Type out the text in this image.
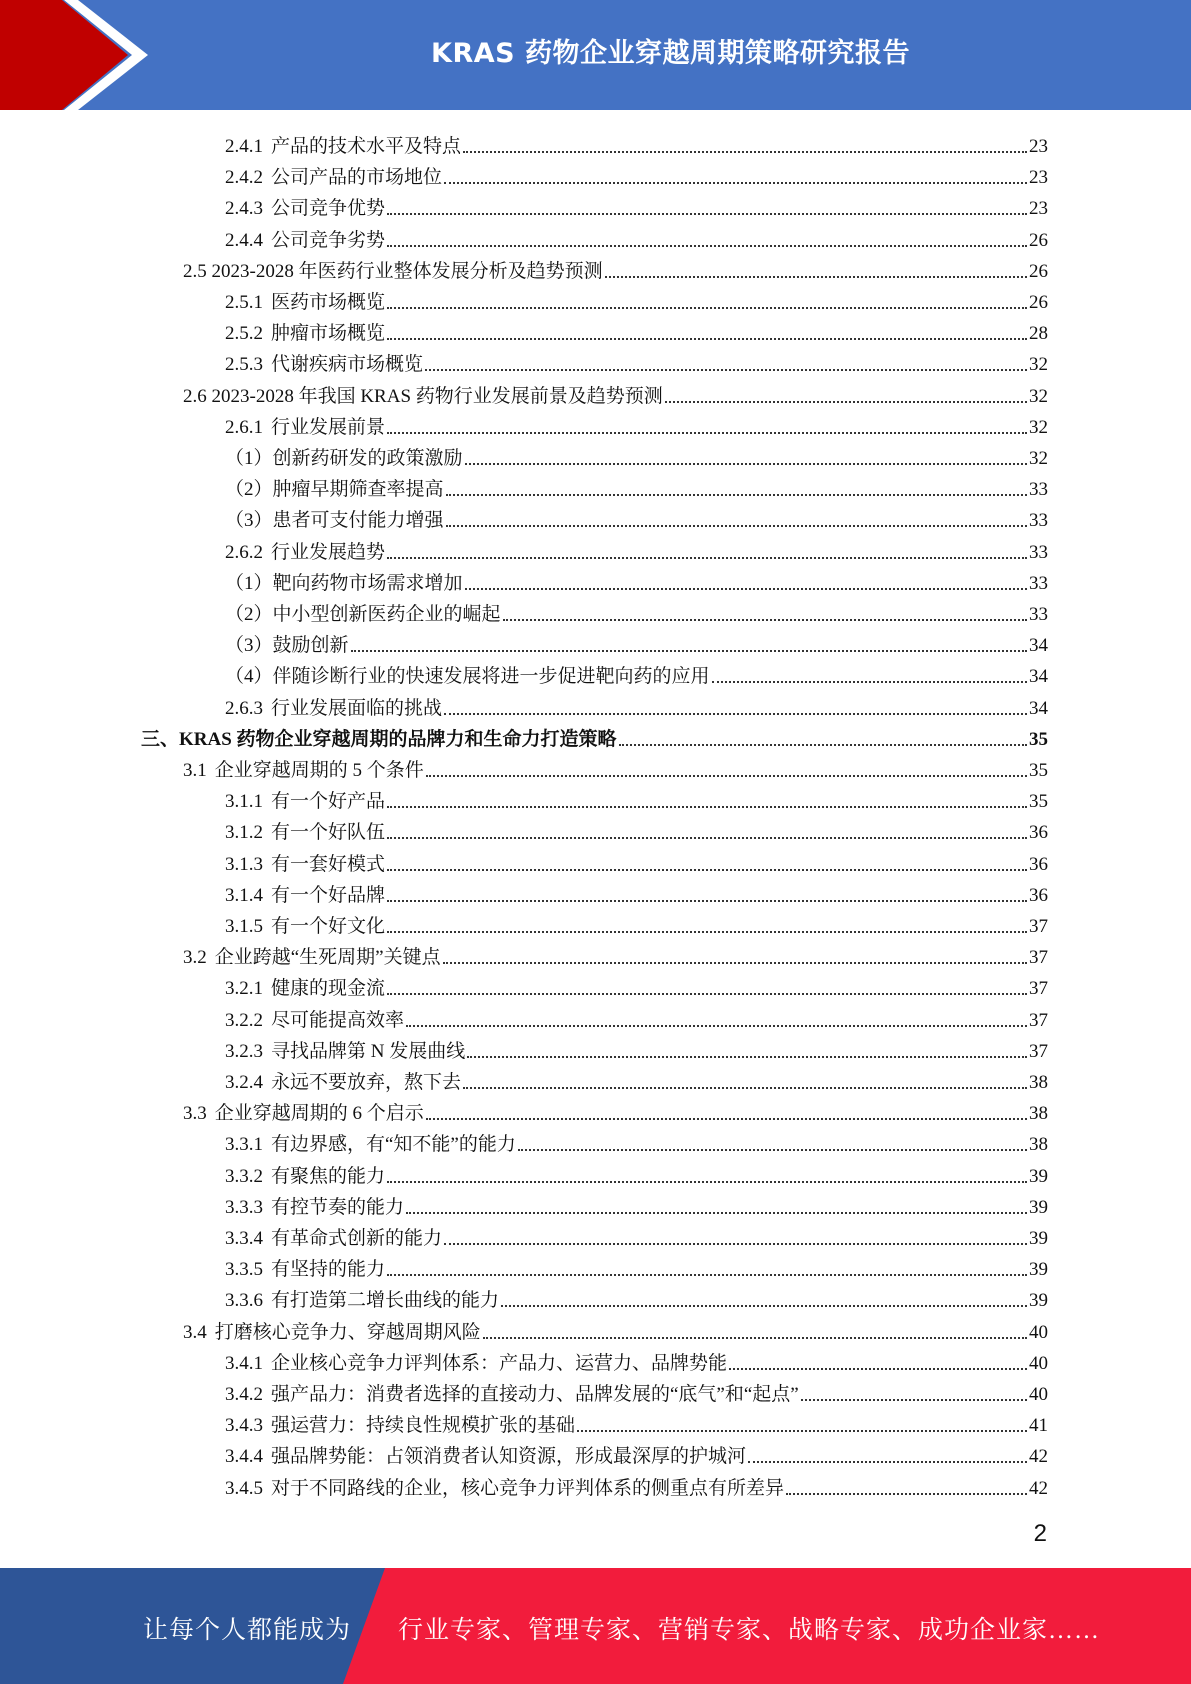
KRAS 药物企业穿越周期策略研究报告
2.4.1 产品的技术水平及特点	23
2.4.2 公司产品的市场地位	23
2.4.3 公司竞争优势	23
2.4.4 公司竞争劣势	26
2.5 2023-2028 年医药行业整体发展分析及趋势预测	26
2.5.1 医药市场概览	26
2.5.2 肿瘤市场概览	28
2.5.3 代谢疾病市场概览	32
2.6 2023-2028 年我国 KRAS 药物行业发展前景及趋势预测	32
2.6.1 行业发展前景	32
（1）创新药研发的政策激励	32
（2）肿瘤早期筛查率提高	33
（3）患者可支付能力增强	33
2.6.2 行业发展趋势	33
（1）靶向药物市场需求增加	33
（2）中小型创新医药企业的崛起	33
（3）鼓励创新	34
（4）伴随诊断行业的快速发展将进一步促进靶向药的应用	34
2.6.3 行业发展面临的挑战	34
三、KRAS 药物企业穿越周期的品牌力和生命力打造策略	35
3.1 企业穿越周期的 5 个条件	35
3.1.1 有一个好产品	35
3.1.2 有一个好队伍	36
3.1.3 有一套好模式	36
3.1.4 有一个好品牌	36
3.1.5 有一个好文化	37
3.2 企业跨越“生死周期”关键点	37
3.2.1 健康的现金流	37
3.2.2 尽可能提高效率	37
3.2.3 寻找品牌第 N 发展曲线	37
3.2.4 永远不要放弃，熬下去	38
3.3 企业穿越周期的 6 个启示	38
3.3.1 有边界感，有“知不能”的能力	38
3.3.2 有聚焦的能力	39
3.3.3 有控节奏的能力	39
3.3.4 有革命式创新的能力	39
3.3.5 有坚持的能力	39
3.3.6 有打造第二增长曲线的能力	39
3.4 打磨核心竞争力、穿越周期风险	40
3.4.1 企业核心竞争力评判体系：产品力、运营力、品牌势能	40
3.4.2 强产品力：消费者选择的直接动力、品牌发展的“底气”和“起点”	40
3.4.3 强运营力：持续良性规模扩张的基础	41
3.4.4 强品牌势能：占领消费者认知资源，形成最深厚的护城河	42
3.4.5 对于不同路线的企业，核心竞争力评判体系的侧重点有所差异	42
2
让每个人都能成为 行业专家、管理专家、营销专家、战略专家、成功企业家……
